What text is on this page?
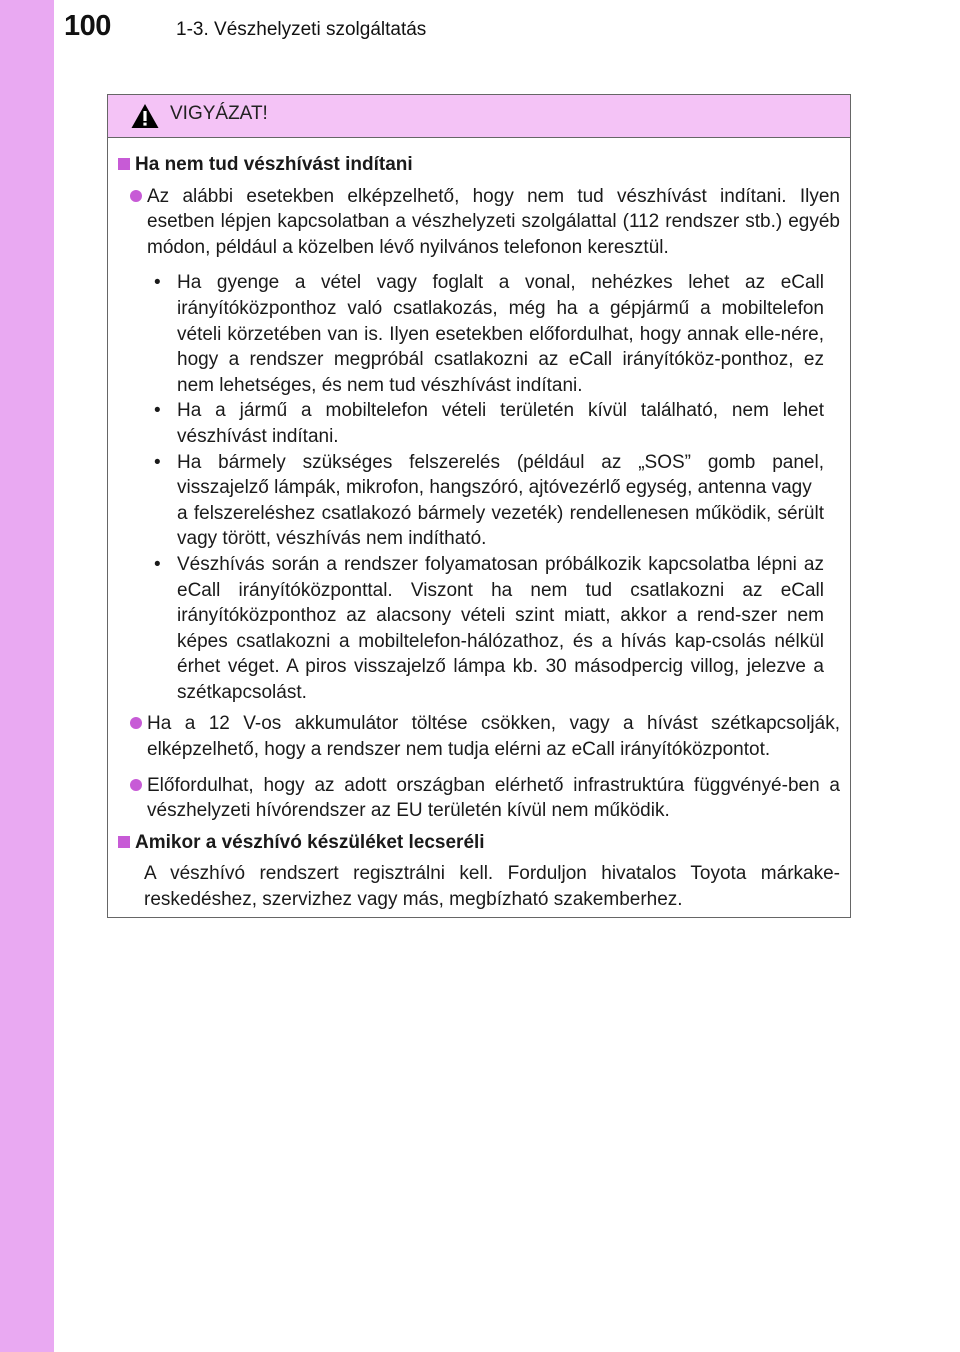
100	1-3. Vészhelyzeti szolgáltatás
VIGYÁZAT!
Ha nem tud vészhívást indítani
Az alábbi esetekben elképzelhető, hogy nem tud vészhívást indítani. Ilyen esetben lépjen kapcsolatban a vészhelyzeti szolgálattal (112 rendszer stb.) egyéb módon, például a közelben lévő nyilvános telefonon keresztül.
• Ha gyenge a vétel vagy foglalt a vonal, nehézkes lehet az eCall irányítóközponthoz való csatlakozás, még ha a gépjármű a mobiltelefon vételi körzetében van is. Ilyen esetekben előfordulhat, hogy annak elle-nére, hogy a rendszer megpróbál csatlakozni az eCall irányítóköz-ponthoz, ez nem lehetséges, és nem tud vészhívást indítani.
• Ha a jármű a mobiltelefon vételi területén kívül található, nem lehet vészhívást indítani.
• Ha bármely szükséges felszerelés (például az „SOS” gomb panel, visszajelző lámpák, mikrofon, hangszóró, ajtóvezérlő egység, antenna vagy
a felszereléshez csatlakozó bármely vezeték) rendellenesen működik, sérült vagy törött, vészhívás nem indítható.
• Vészhívás során a rendszer folyamatosan próbálkozik kapcsolatba lépni az eCall irányítóközponttal. Viszont ha nem tud csatlakozni az eCall irányítóközponthoz az alacsony vételi szint miatt, akkor a rend-szer nem képes csatlakozni a mobiltelefon-hálózathoz, és a hívás kap-csolás nélkül érhet véget. A piros visszajelző lámpa kb. 30 másodpercig villog, jelezve a szétkapcsolást.
Ha a 12 V-os akkumulátor töltése csökken, vagy a hívást szétkapcsolják, elképzelhető, hogy a rendszer nem tudja elérni az eCall irányítóközpontot.
Előfordulhat, hogy az adott országban elérhető infrastruktúra függvényé-ben a vészhelyzeti hívórendszer az EU területén kívül nem működik.
Amikor a vészhívó készüléket lecseréli
A vészhívó rendszert regisztrálni kell. Forduljon hivatalos Toyota márkake-reskedéshez, szervizhez vagy más, megbízható szakemberhez.
